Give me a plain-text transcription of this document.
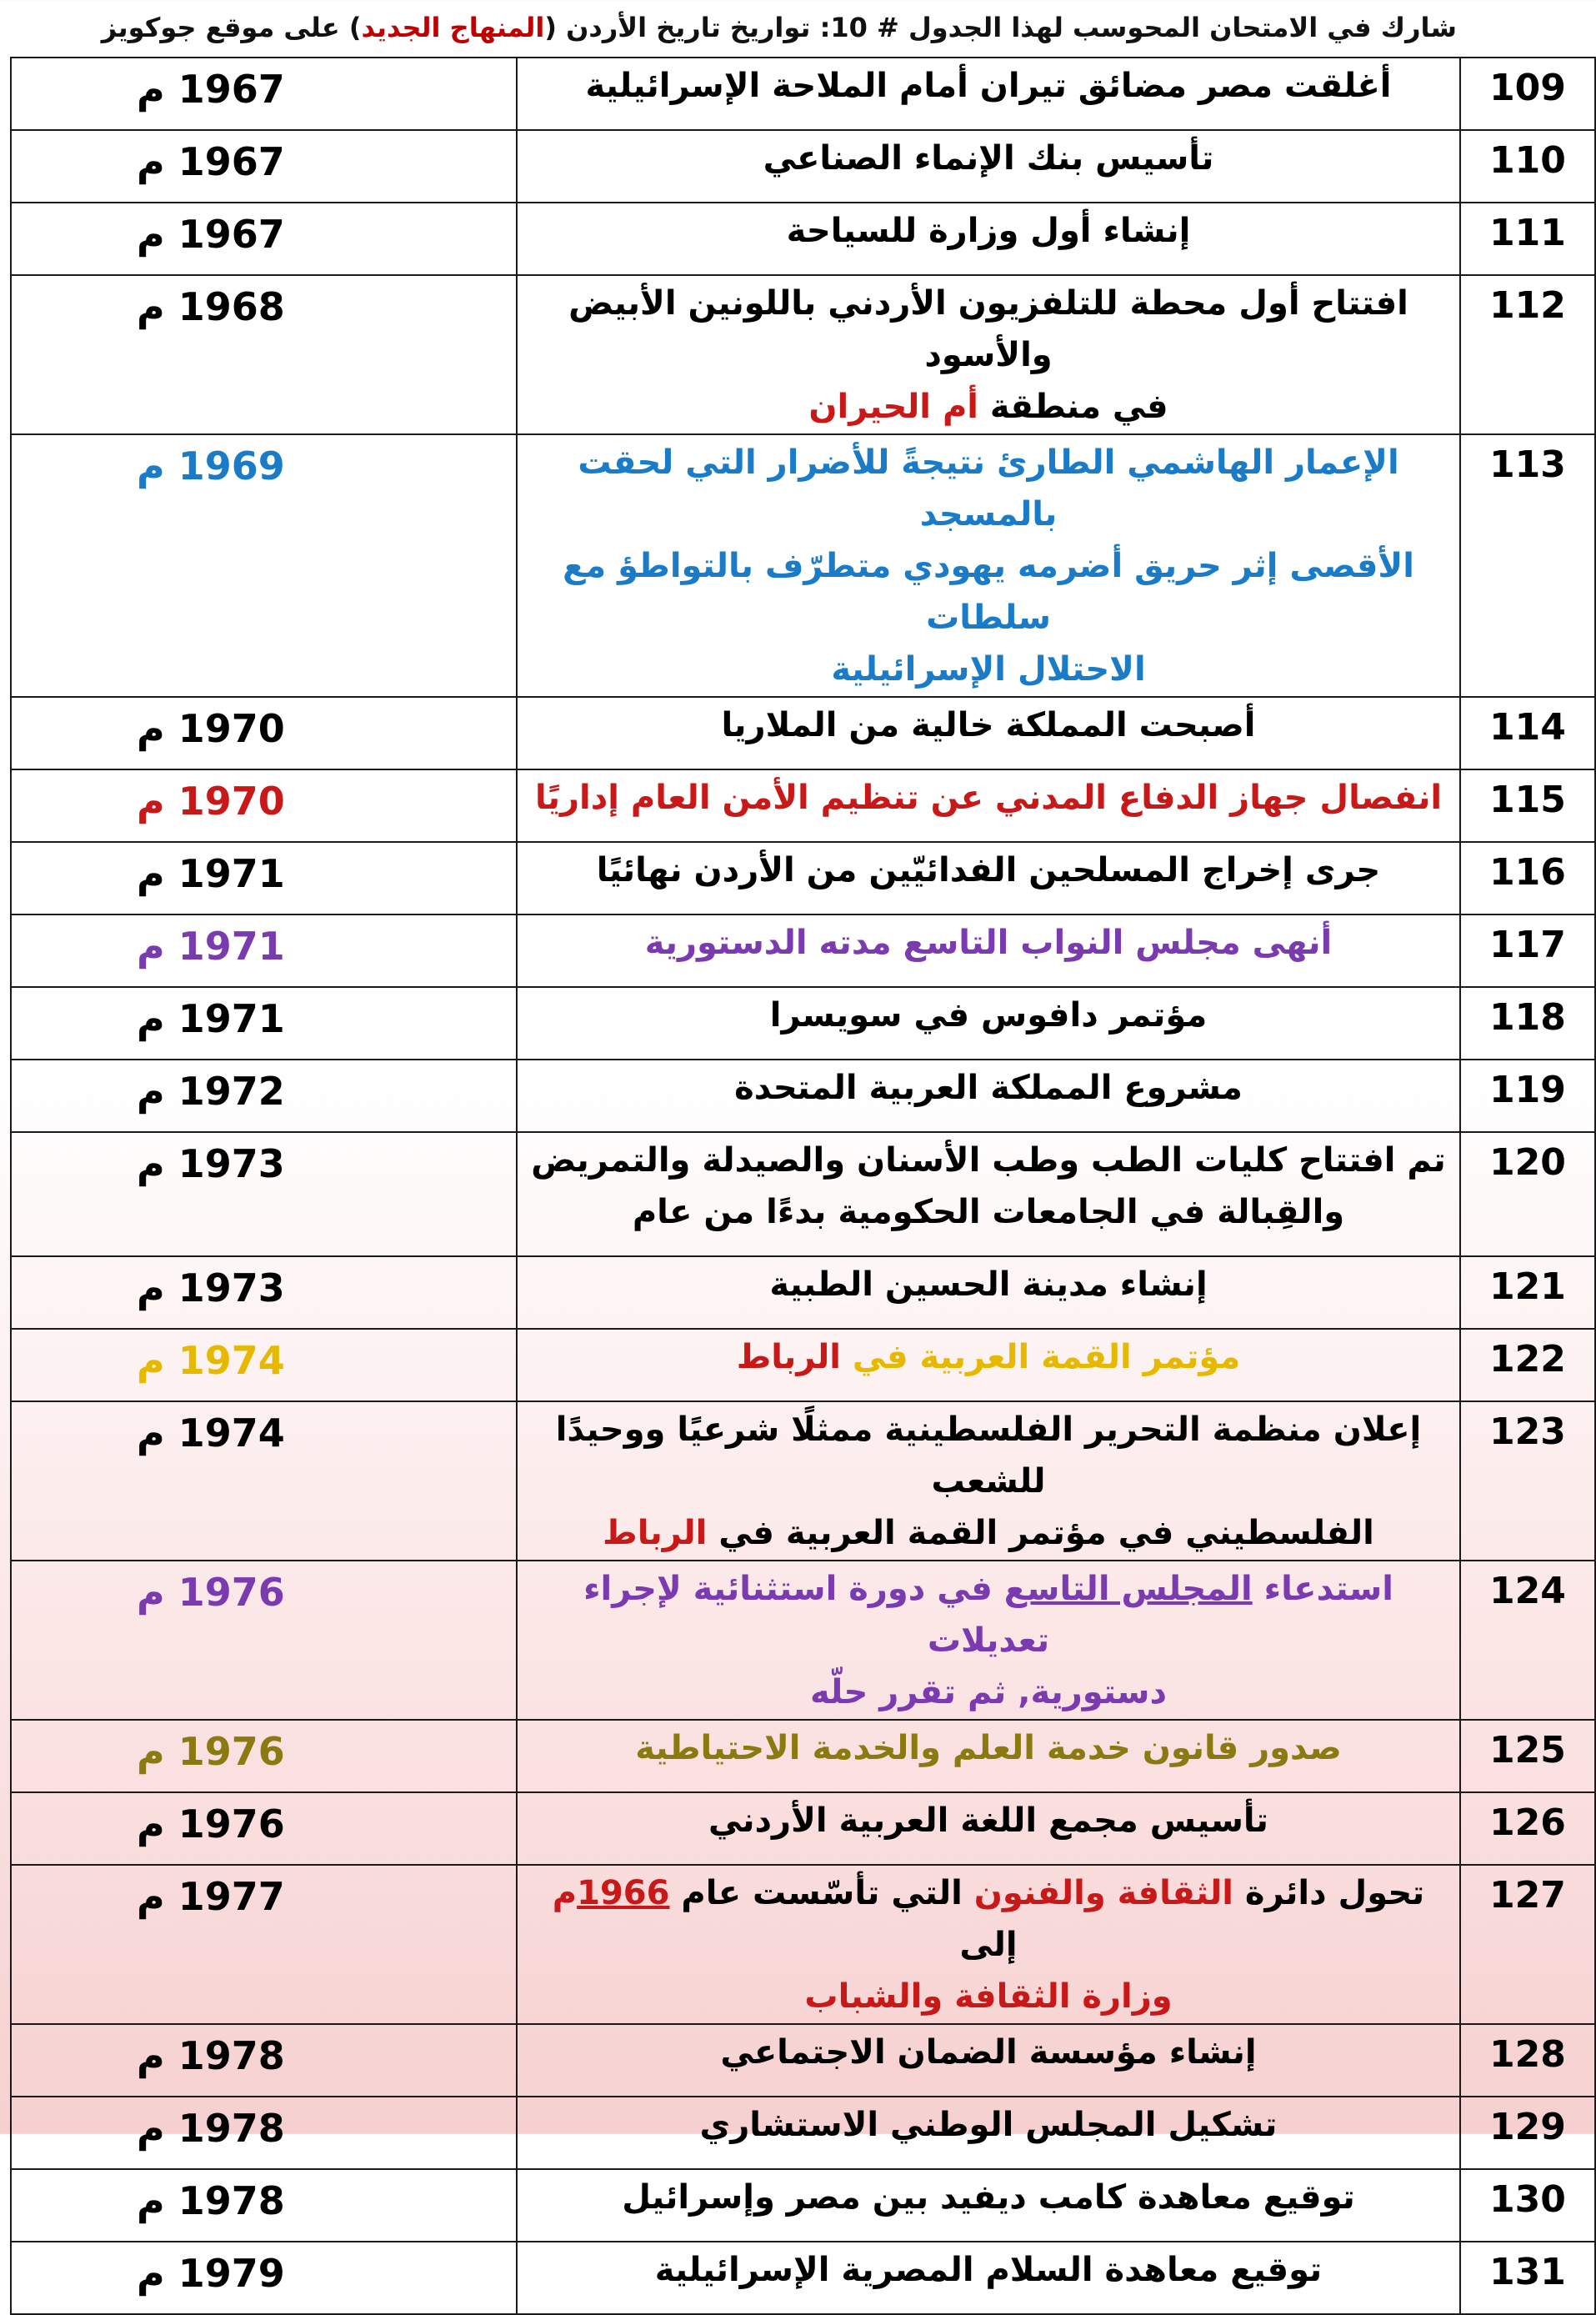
شارك في الامتحان المحوسب لهذا الجدول # 10: تواريخ تاريخ الأردن (المنهاج الجديد) على موقع جوكويز
109	أغلقت مصر مضائق تيران أمام الملاحة الإسرائيلية	1967 م
110	تأسيس بنك الإنماء الصناعي	1967 م
111	إنشاء أول وزارة للسياحة	1967 م
112	افتتاح أول محطة للتلفزيون الأردني باللونين الأبيض والأسود
في منطقة أم الحيران	1968 م
113	الإعمار الهاشمي الطارئ نتيجةً للأضرار التي لحقت بالمسجد
الأقصى إثر حريق أضرمه يهودي متطرّف بالتواطؤ مع سلطات
الاحتلال الإسرائيلية	1969 م
114	أصبحت المملكة خالية من الملاريا	1970 م
115	انفصال جهاز الدفاع المدني عن تنظيم الأمن العام إداريًا	1970 م
116	جرى إخراج المسلحين الفدائيّين من الأردن نهائيًا	1971 م
117	أنهى مجلس النواب التاسع مدته الدستورية	1971 م
118	مؤتمر دافوس في سويسرا	1971 م
119	مشروع المملكة العربية المتحدة	1972 م
120	تم افتتاح كليات الطب وطب الأسنان والصيدلة والتمريض
والقِبالة في الجامعات الحكومية بدءًا من عام	1973 م
121	إنشاء مدينة الحسين الطبية	1973 م
122	مؤتمر القمة العربية في الرباط	1974 م
123	إعلان منظمة التحرير الفلسطينية ممثلًا شرعيًا ووحيدًا للشعب
الفلسطيني في مؤتمر القمة العربية في الرباط	1974 م
124	استدعاء المجلس التاسع في دورة استثنائية لإجراء تعديلات
دستورية, ثم تقرر حلّه	1976 م
125	صدور قانون خدمة العلم والخدمة الاحتياطية	1976 م
126	تأسيس مجمع اللغة العربية الأردني	1976 م
127	تحول دائرة الثقافة والفنون التي تأسّست عام 1966م إلى
وزارة الثقافة والشباب	1977 م
128	إنشاء مؤسسة الضمان الاجتماعي	1978 م
129	تشكيل المجلس الوطني الاستشاري	1978 م
130	توقيع معاهدة كامب ديفيد بين مصر وإسرائيل	1978 م
131	توقيع معاهدة السلام المصرية الإسرائيلية	1979 م
